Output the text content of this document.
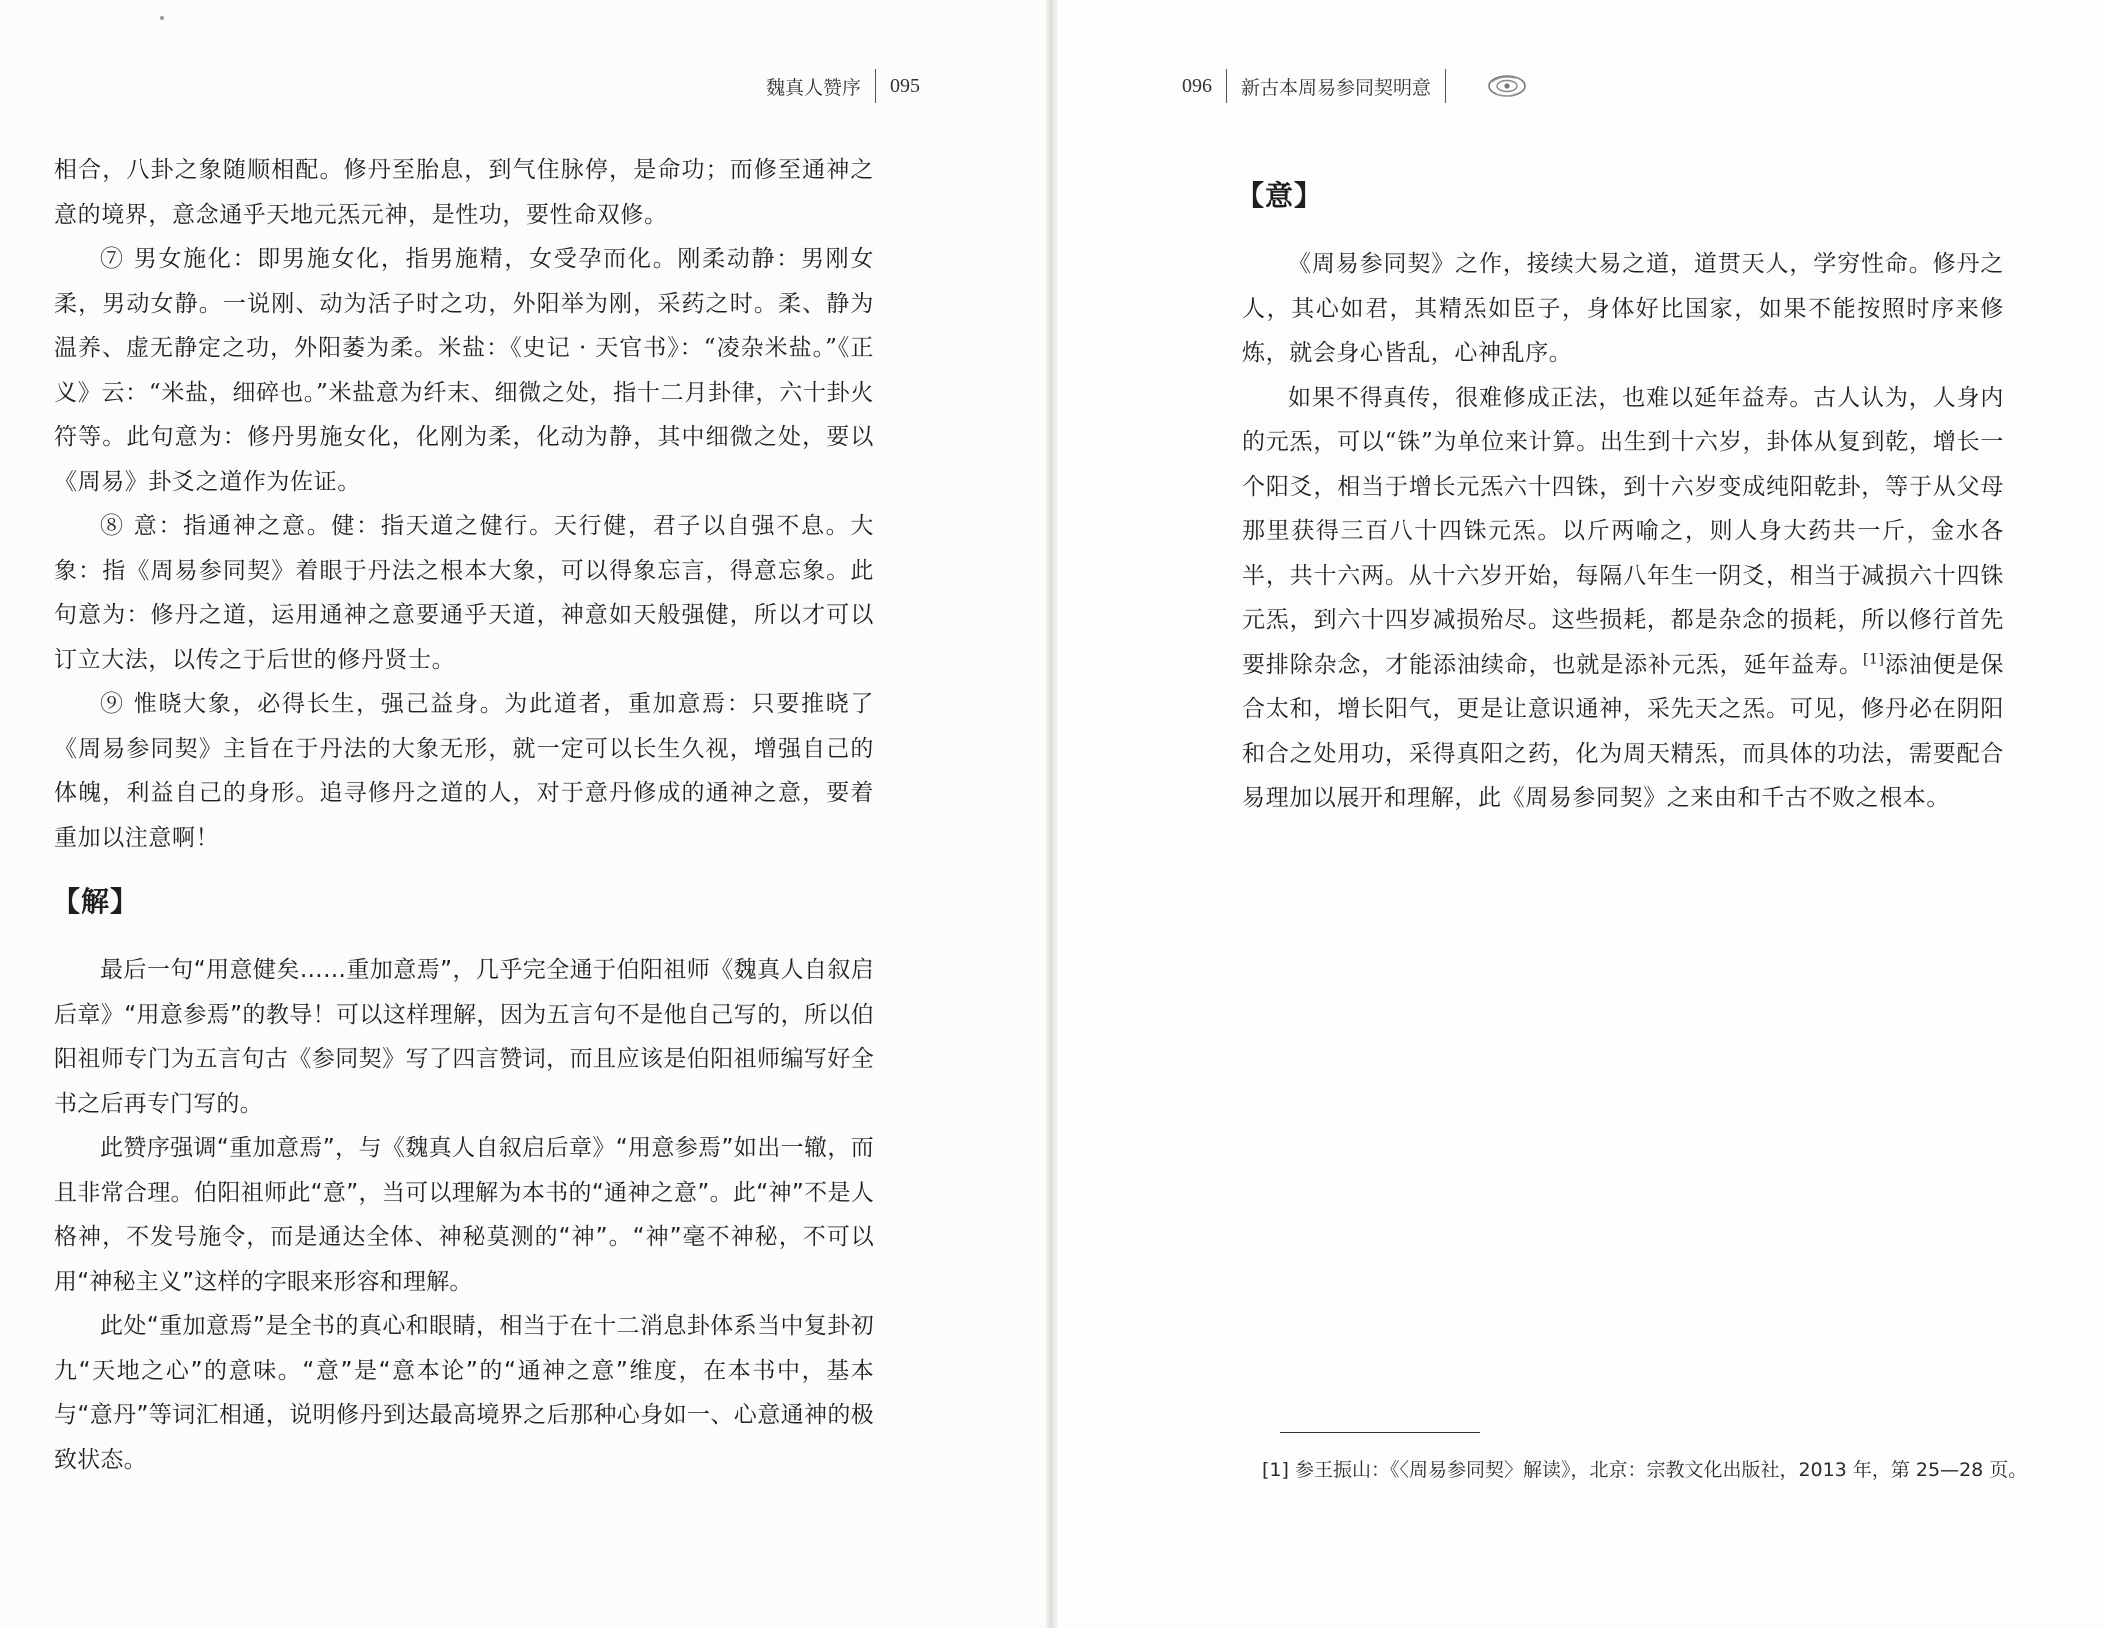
魏真人赞序 095

相合，八卦之象随顺相配。修丹至胎息，到气住脉停，是命功；而修至通神之意的境界，意念通乎天地元炁元神，是性功，要性命双修。

⑦ 男女施化：即男施女化，指男施精，女受孕而化。刚柔动静：男刚女柔，男动女静。一说刚、动为活子时之功，外阳举为刚，采药之时。柔、静为温养、虚无静定之功，外阳萎为柔。米盐：《史记 · 天官书》：“凌杂米盐。”《正义》云：“米盐，细碎也。”米盐意为纤末、细微之处，指十二月卦律，六十卦火符等。此句意为：修丹男施女化，化刚为柔，化动为静，其中细微之处，要以《周易》卦爻之道作为佐证。

⑧ 意：指通神之意。健：指天道之健行。天行健，君子以自强不息。大象：指《周易参同契》着眼于丹法之根本大象，可以得象忘言，得意忘象。此句意为：修丹之道，运用通神之意要通乎天道，神意如天般强健，所以才可以订立大法，以传之于后世的修丹贤士。

⑨ 惟晓大象，必得长生，强己益身。为此道者，重加意焉：只要推晓了《周易参同契》主旨在于丹法的大象无形，就一定可以长生久视，增强自己的体魄，利益自己的身形。追寻修丹之道的人，对于意丹修成的通神之意，要着重加以注意啊！

【解】

最后一句“用意健矣……重加意焉”，几乎完全通于伯阳祖师《魏真人自叙启后章》“用意参焉”的教导！可以这样理解，因为五言句不是他自己写的，所以伯阳祖师专门为五言句古《参同契》写了四言赞词，而且应该是伯阳祖师编写好全书之后再专门写的。

此赞序强调“重加意焉”，与《魏真人自叙启后章》“用意参焉”如出一辙，而且非常合理。伯阳祖师此“意”，当可以理解为本书的“通神之意”。此“神”不是人格神，不发号施令，而是通达全体、神秘莫测的“神”。“神”毫不神秘，不可以用“神秘主义”这样的字眼来形容和理解。

此处“重加意焉”是全书的真心和眼睛，相当于在十二消息卦体系当中复卦初九“天地之心”的意味。“意”是“意本论”的“通神之意”维度，在本书中，基本与“意丹”等词汇相通，说明修丹到达最高境界之后那种心身如一、心意通神的极致状态。

096 新古本周易参同契明意
【意】

《周易参同契》之作，接续大易之道，道贯天人，学穷性命。修丹之人，其心如君，其精炁如臣子，身体好比国家，如果不能按照时序来修炼，就会身心皆乱，心神乱序。

如果不得真传，很难修成正法，也难以延年益寿。古人认为，人身内的元炁，可以“铢”为单位来计算。出生到十六岁，卦体从复到乾，增长一个阳爻，相当于增长元炁六十四铢，到十六岁变成纯阳乾卦，等于从父母那里获得三百八十四铢元炁。以斤两喻之，则人身大药共一斤，金水各半，共十六两。从十六岁开始，每隔八年生一阴爻，相当于减损六十四铢元炁，到六十四岁减损殆尽。这些损耗，都是杂念的损耗，所以修行首先要排除杂念，才能添油续命，也就是添补元炁，延年益寿。[1]添油便是保合太和，增长阳气，更是让意识通神，采先天之炁。可见，修丹必在阴阳和合之处用功，采得真阳之药，化为周天精炁，而具体的功法，需要配合易理加以展开和理解，此《周易参同契》之来由和千古不败之根本。

[1] 参王振山：《〈周易参同契〉解读》，北京：宗教文化出版社，2013 年，第 25—28 页。
